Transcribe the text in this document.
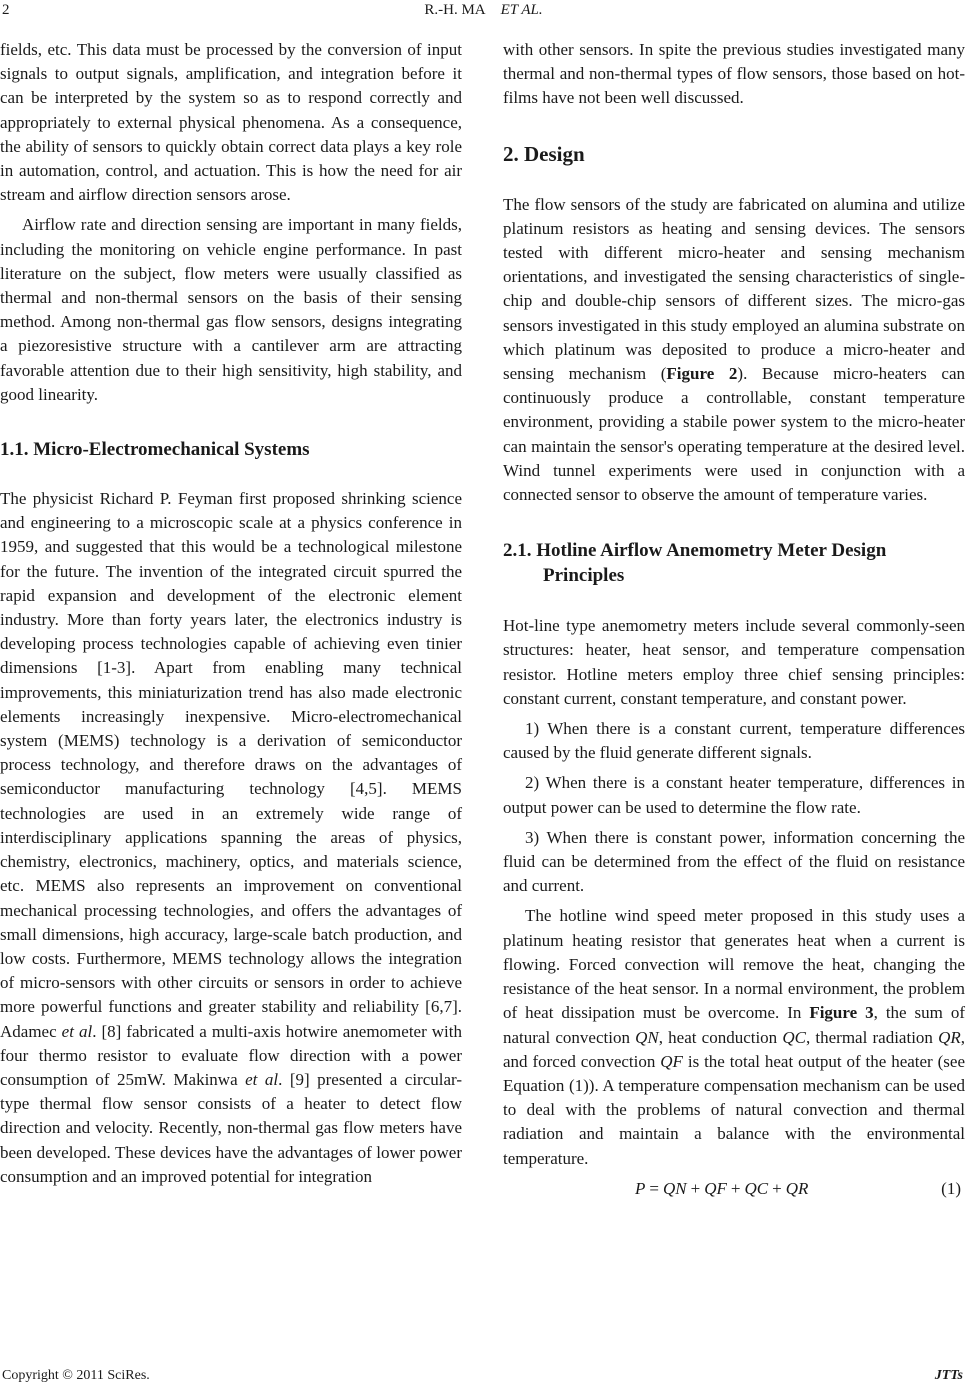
2	R.-H. MA ET AL.

fields, etc. This data must be processed by the conversion of input signals to output signals, amplification, and integration before it can be interpreted by the system so as to respond correctly and appropriately to external physical phenomena. As a consequence, the ability of sensors to quickly obtain correct data plays a key role in automation, control, and actuation. This is how the need for air stream and airflow direction sensors arose.

Airflow rate and direction sensing are important in many fields, including the monitoring on vehicle engine performance. In past literature on the subject, flow meters were usually classified as thermal and non-thermal sensors on the basis of their sensing method. Among non-thermal gas flow sensors, designs integrating a piezoresistive structure with a cantilever arm are attracting favorable attention due to their high sensitivity, high stability, and good linearity.

1.1. Micro-Electromechanical Systems

The physicist Richard P. Feyman first proposed shrinking science and engineering to a microscopic scale at a physics conference in 1959, and suggested that this would be a technological milestone for the future. The invention of the integrated circuit spurred the rapid expansion and development of the electronic element industry. More than forty years later, the electronics industry is developing process technologies capable of achieving even tinier dimensions [1-3]. Apart from enabling many technical improvements, this miniaturization trend has also made electronic elements increasingly inexpensive. Micro-electromechanical system (MEMS) technology is a derivation of semiconductor process technology, and therefore draws on the advantages of semiconductor manufacturing technology [4,5]. MEMS technologies are used in an extremely wide range of interdisciplinary applications spanning the areas of physics, chemistry, electronics, machinery, optics, and materials science, etc. MEMS also represents an improvement on conventional mechanical processing technologies, and offers the advantages of small dimensions, high accuracy, large-scale batch production, and low costs. Furthermore, MEMS technology allows the integration of micro-sensors with other circuits or sensors in order to achieve more powerful functions and greater stability and reliability [6,7]. Adamec et al. [8] fabricated a multi-axis hotwire anemometer with four thermo resistor to evaluate flow direction with a power consumption of 25mW. Makinwa et al. [9] presented a circular-type thermal flow sensor consists of a heater to detect flow direction and velocity. Recently, non-thermal gas flow meters have been developed. These devices have the advantages of lower power consumption and an improved potential for integration

with other sensors. In spite the previous studies investigated many thermal and non-thermal types of flow sensors, those based on hot-films have not been well discussed.

2. Design

The flow sensors of the study are fabricated on alumina and utilize platinum resistors as heating and sensing devices. The sensors tested with different micro-heater and sensing mechanism orientations, and investigated the sensing characteristics of single-chip and double-chip sensors of different sizes. The micro-gas sensors investigated in this study employed an alumina substrate on which platinum was deposited to produce a micro-heater and sensing mechanism (Figure 2). Because micro-heaters can continuously produce a controllable, constant temperature environment, providing a stabile power system to the micro-heater can maintain the sensor's operating temperature at the desired level. Wind tunnel experiments were used in conjunction with a connected sensor to observe the amount of temperature varies.

2.1. Hotline Airflow Anemometry Meter Design Principles

Hot-line type anemometry meters include several commonly-seen structures: heater, heat sensor, and temperature compensation resistor. Hotline meters employ three chief sensing principles: constant current, constant temperature, and constant power.

1) When there is a constant current, temperature differences caused by the fluid generate different signals.

2) When there is a constant heater temperature, differences in output power can be used to determine the flow rate.

3) When there is constant power, information concerning the fluid can be determined from the effect of the fluid on resistance and current.

The hotline wind speed meter proposed in this study uses a platinum heating resistor that generates heat when a current is flowing. Forced convection will remove the heat, changing the resistance of the heat sensor. In a normal environment, the problem of heat dissipation must be overcome. In Figure 3, the sum of natural convection QN, heat conduction QC, thermal radiation QR, and forced convection QF is the total heat output of the heater (see Equation (1)). A temperature compensation mechanism can be used to deal with the problems of natural convection and thermal radiation and maintain a balance with the environmental temperature.

P = QN + QF + QC + QR	(1)
Copyright © 2011 SciRes.	JTTs
